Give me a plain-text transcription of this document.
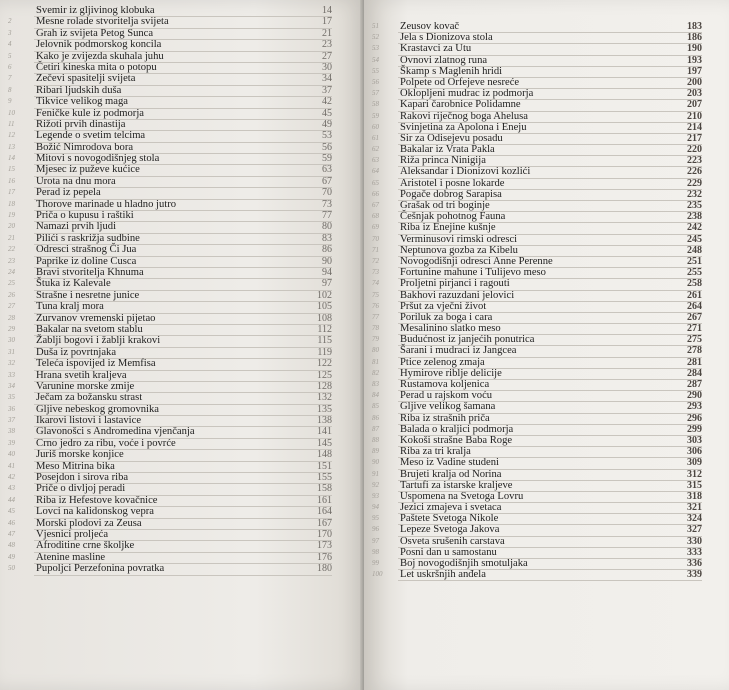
Svemir iz gljivinog klobuka	14
2 Mesne rolade stvoriteljа svijeta	17
3 Grah iz svijeta Petog Sunca	21
4 Jelovnik podmorskog koncila	23
5 Kako je zvijezda skuhala juhu	27
6 Četiri kineska mita o potopu	30
7 Zečevi spasitelji svijeta	34
8 Ribari ljudskih duša	37
9 Tikvice velikog maga	42
10 Feničke kule iz podmorja	45
11 Rižoti prvih dinastija	49
12 Legende o svetim telcima	53
13 Božić Nimrodova bora	56
14 Mitovi s novogodišnjeg stola	59
15 Mjesec iz puževe kućice	63
16 Urota na dnu mora	67
17 Perad iz pepela	70
18 Thorove marinade u hladno jutro	73
19 Priča o kupusu i raštiki	77
20 Namazi prvih ljudi	80
21 Pilići s raskrižja sudbine	83
22 Odresci strašnog Či Jua	86
23 Paprike iz doline Cusca	90
24 Bravi stvoritelja Khnuma	94
25 Štuka iz Kalevale	97
26 Strašne i nesretne junice	102
27 Tuna kralj mora	105
28 Zurvanov vremenski pijetao	108
29 Bakalar na svetom stablu	112
30 Žablji bogovi i žablji krakovi	115
31 Duša iz povrtnjaka	119
32 Teleća ispovijed iz Memfisa	122
33 Hrana svetih kraljeva	125
34 Varunine morske zmije	128
35 Ječam za božansku strast	132
36 Gljive nebeskog gromovnika	135
37 Ikarovi listovi i lastavice	138
38 Glavonošci s Andromedina vjenčanja	141
39 Crno jedro za ribu, voće i povrće	145
40 Juriš morske konjice	148
41 Meso Mitrina bika	151
42 Posejdon i sirova riba	155
43 Priče o divljoj peradi	158
44 Riba iz Hefestove kovačnice	161
45 Lovci na kalidonskog vepra	164
46 Morski plodovi za Zeusa	167
47 Vjesnici proljeća	170
48 Afroditine crne školjke	173
49 Atenine masline	176
50 Pupoljci Perzefonina povratka	180
51 Zeusov kovač	183
52 Jela s Dionizova stola	186
53 Krastavci za Utu	190
54 Ovnovi zlatnog runa	193
55 Škamp s Maglenih hridi	197
56 Polpete od Orfejeve nesreće	200
57 Oklopljeni mudrac iz podmorja	203
58 Kapari čarobnice Polidamne	207
59 Rakovi riječnog boga Ahelusa	210
60 Svinjetina za Apolona i Eneju	214
61 Sir za Odisejevu posadu	217
62 Bakalar iz Vrata Pakla	220
63 Riža princa Ninigija	223
64 Aleksandar i Dionizovi kozlići	226
65 Aristotel i posne lokarde	229
66 Pogače dobrog Sarapisa	232
67 Grašak od tri boginje	235
68 Češnjak pohotnog Fauna	238
69 Riba iz Enejine kušnje	242
70 Verminusovi rimski odresci	245
71 Neptunova gozba za Kibelu	248
72 Novogodišnji odresci Anne Perenne	251
73 Fortunine mahune i Tulijevo meso	255
74 Proljetni pirjanci i ragouti	258
75 Bakhovi razuzdani jelovici	261
76 Pršut za vječni život	264
77 Poriluk za boga i cara	267
78 Mesalinino slatko meso	271
79 Budućnost iz janjećih ponutrica	275
80 Šarani i mudraci iz Jangcea	278
81 Ptice zelenog zmaja	281
82 Hymirove riblje delicije	284
83 Rustamova koljenica	287
84 Perad u rajskom voću	290
85 Gljive velikog šamana	293
86 Riba iz strašnih priča	296
87 Balada o kraljici podmorja	299
88 Kokoši strašne Baba Roge	303
89 Riba za tri kralja	306
90 Meso iz Vadine studeni	309
91 Brujeti kralja od Norina	312
92 Tartufi za istarske kraljeve	315
93 Uspomena na Svetoga Lovru	318
94 Jezici zmajeva i svetaca	321
95 Paštete Svetoga Nikole	324
96 Lepeze Svetoga Jakova	327
97 Osveta srušenih carstava	330
98 Posni dan u samostanu	333
99 Boj novogodišnjih smotuljaka	336
100 Let uskršnjih anđela	339
